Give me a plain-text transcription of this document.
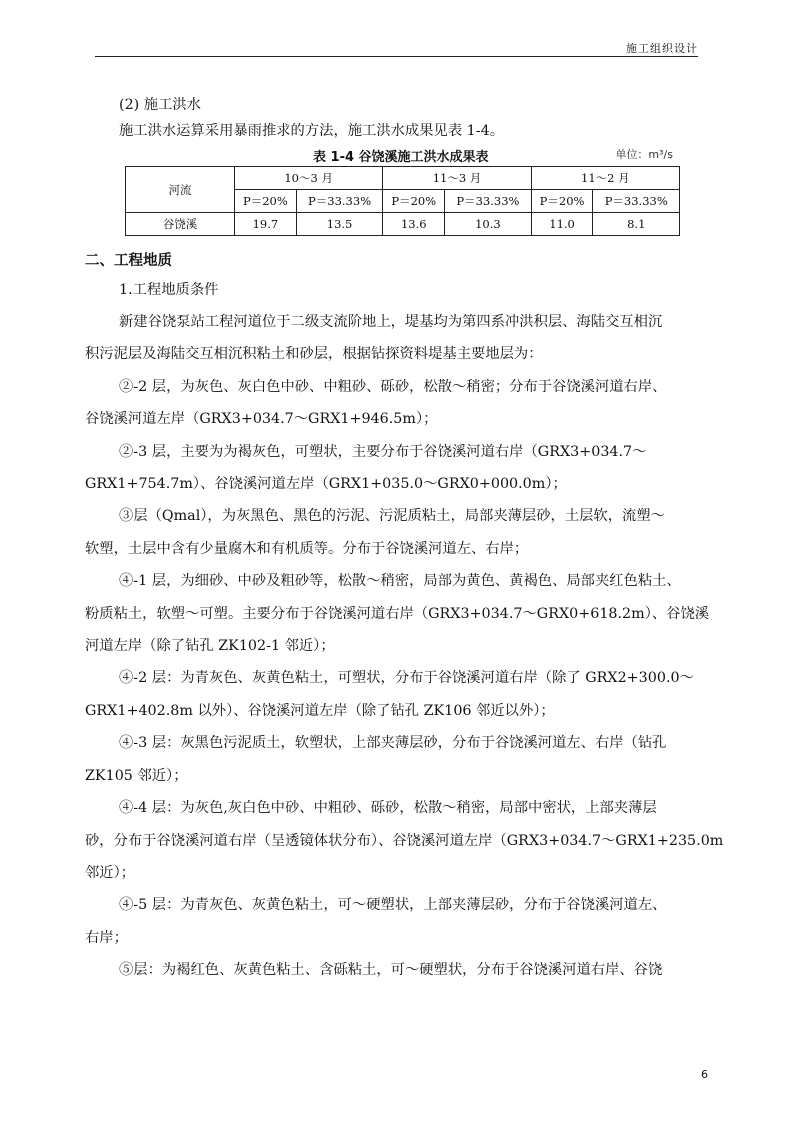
施工组织设计
(2) 施工洪水
施工洪水运算采用暴雨推求的方法，施工洪水成果见表 1-4。
表 1-4 谷饶溪施工洪水成果表	单位：m³/s
河流	10～3 月		11～3 月		11～2 月	
	P＝20%	P＝33.33%	P＝20%	P＝33.33%	P＝20%	P＝33.33%
谷饶溪	19.7	13.5	13.6	10.3	11.0	8.1
二、工程地质
1.工程地质条件
新建谷饶泵站工程河道位于二级支流阶地上，堤基均为第四系冲洪积层、海陆交互相沉
积污泥层及海陆交互相沉积粘土和砂层，根据钻探资料堤基主要地层为：
②-2 层，为灰色、灰白色中砂、中粗砂、砾砂，松散～稍密；分布于谷饶溪河道右岸、
谷饶溪河道左岸（GRX3+034.7～GRX1+946.5m）；
②-3 层，主要为为褐灰色，可塑状，主要分布于谷饶溪河道右岸（GRX3+034.7～
GRX1+754.7m）、谷饶溪河道左岸（GRX1+035.0～GRX0+000.0m）；
③层（Qmal），为灰黑色、黑色的污泥、污泥质粘土，局部夹薄层砂，土层软，流塑～
软塑，土层中含有少量腐木和有机质等。分布于谷饶溪河道左、右岸；
④-1 层，为细砂、中砂及粗砂等，松散～稍密，局部为黄色、黄褐色、局部夹红色粘土、
粉质粘土，软塑～可塑。主要分布于谷饶溪河道右岸（GRX3+034.7～GRX0+618.2m）、谷饶溪
河道左岸（除了钻孔 ZK102-1 邻近）；
④-2 层：为青灰色、灰黄色粘土，可塑状，分布于谷饶溪河道右岸（除了 GRX2+300.0～
GRX1+402.8m 以外）、谷饶溪河道左岸（除了钻孔 ZK106 邻近以外）；
④-3 层：灰黑色污泥质土，软塑状，上部夹薄层砂，分布于谷饶溪河道左、右岸（钻孔
ZK105 邻近）；
④-4 层：为灰色,灰白色中砂、中粗砂、砾砂，松散～稍密，局部中密状，上部夹薄层
砂，分布于谷饶溪河道右岸（呈透镜体状分布）、谷饶溪河道左岸（GRX3+034.7～GRX1+235.0m
邻近）；
④-5 层：为青灰色、灰黄色粘土，可～硬塑状，上部夹薄层砂，分布于谷饶溪河道左、
右岸；
⑤层：为褐红色、灰黄色粘土、含砾粘土，可～硬塑状，分布于谷饶溪河道右岸、谷饶
6
